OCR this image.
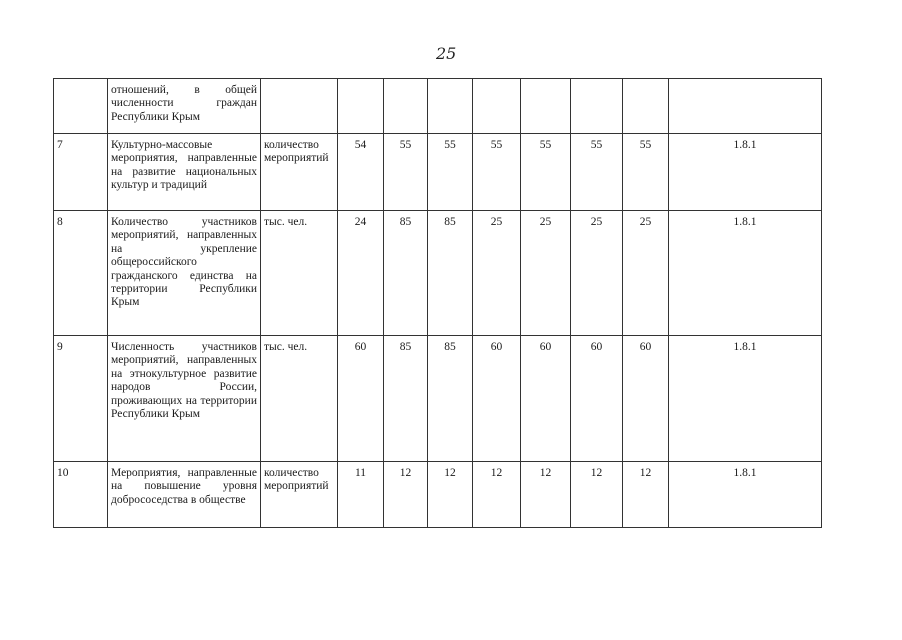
25
	отношений, в общей численности граждан Республики Крым									
7	Культурно-массовые мероприятия, направленные на развитие национальных культур и традиций	количество мероприятий	54	55	55	55	55	55	55	1.8.1
8	Количество участников мероприятий, направленных на укрепление общероссийского гражданского единства на территории Республики Крым	тыс. чел.	24	85	85	25	25	25	25	1.8.1
9	Численность участников мероприятий, направленных на этнокультурное развитие народов России, проживающих на территории Республики Крым	тыс. чел.	60	85	85	60	60	60	60	1.8.1
10	Мероприятия, направленные на повышение уровня добрососедства в обществе	количество мероприятий	11	12	12	12	12	12	12	1.8.1
